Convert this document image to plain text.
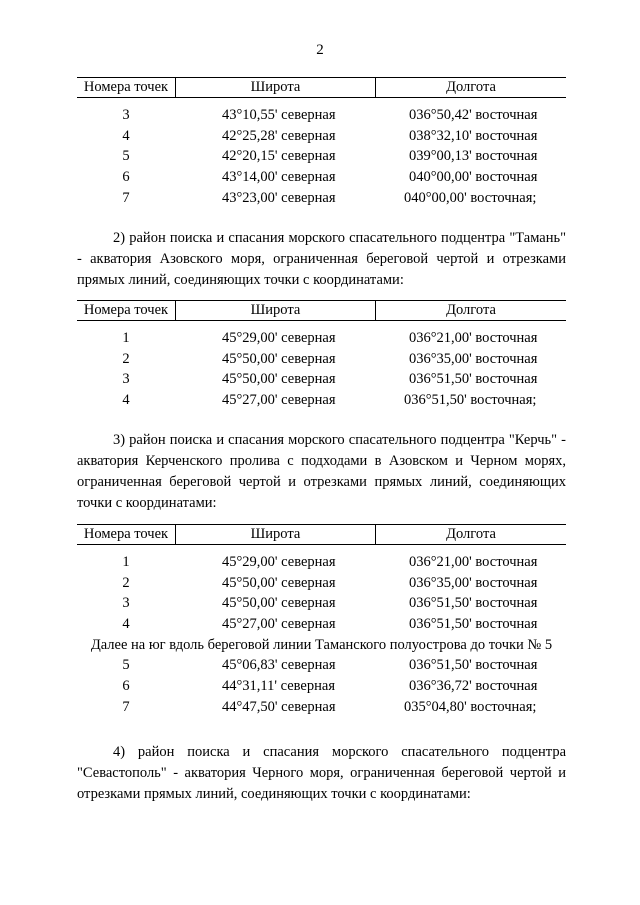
2
Номера точек	Широта	Долгота
3	43°10,55' северная	036°50,42' восточная
4	42°25,28' северная	038°32,10' восточная
5	42°20,15' северная	039°00,13' восточная
6	43°14,00' северная	040°00,00' восточная
7	43°23,00' северная	040°00,00' восточная;
2) район поиска и спасания морского спасательного подцентра "Тамань" - акватория Азовского моря, ограниченная береговой чертой и отрезками прямых линий, соединяющих точки с координатами:
Номера точек	Широта	Долгота
1	45°29,00' северная	036°21,00' восточная
2	45°50,00' северная	036°35,00' восточная
3	45°50,00' северная	036°51,50' восточная
4	45°27,00' северная	036°51,50' восточная;
3) район поиска и спасания морского спасательного подцентра "Керчь" - акватория Керченского пролива с подходами в Азовском и Черном морях, ограниченная береговой чертой и отрезками прямых линий, соединяющих точки с координатами:
Номера точек	Широта	Долгота
1	45°29,00' северная	036°21,00' восточная
2	45°50,00' северная	036°35,00' восточная
3	45°50,00' северная	036°51,50' восточная
4	45°27,00' северная	036°51,50' восточная
Далее на юг вдоль береговой линии Таманского полуострова до точки № 5
5	45°06,83' северная	036°51,50' восточная
6	44°31,11' северная	036°36,72' восточная
7	44°47,50' северная	035°04,80' восточная;
4) район поиска и спасания морского спасательного подцентра "Севастополь" - акватория Черного моря, ограниченная береговой чертой и отрезками прямых линий, соединяющих точки с координатами:
